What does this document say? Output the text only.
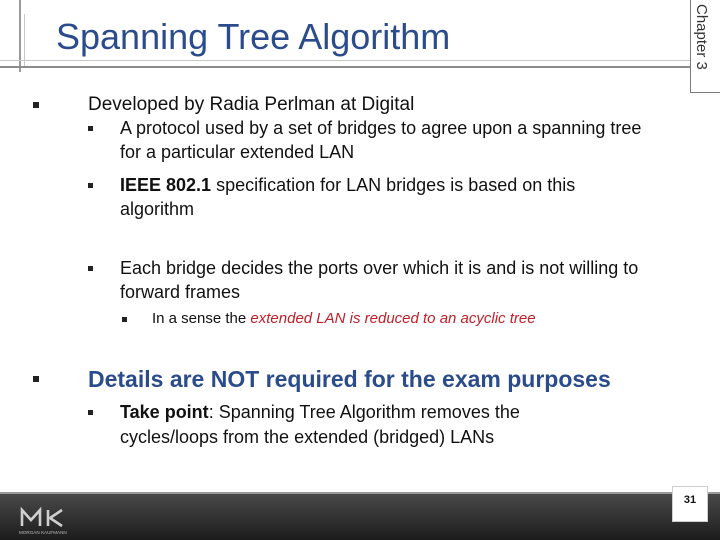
Spanning Tree Algorithm	Chapter 3
Developed by Radia Perlman at Digital
A protocol used by a set of bridges to agree upon a spanning tree
for a particular extended LAN
IEEE 802.1 specification for LAN bridges is based on this
algorithm
Each bridge decides the ports over which it is and is not willing to
forward frames
In a sense the extended LAN is reduced to an acyclic tree
Details are NOT required for the exam purposes
Take point: Spanning Tree Algorithm removes the
cycles/loops from the extended (bridged) LANs
MORGAN KAUFMANN
31
